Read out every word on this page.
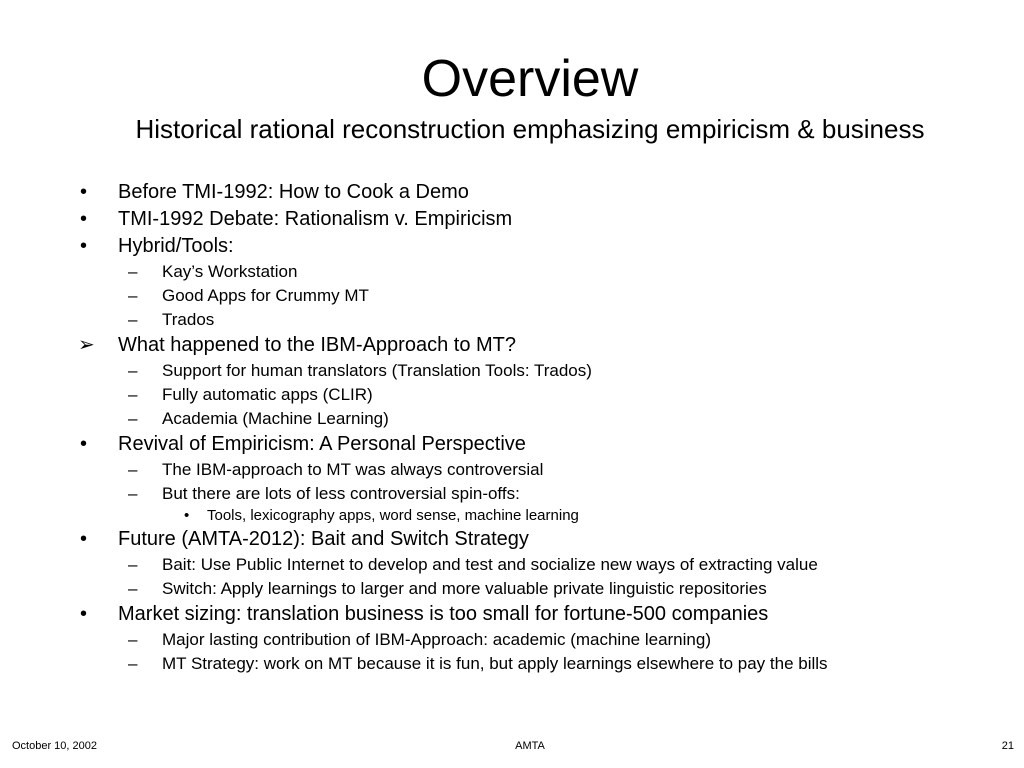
Overview
Historical rational reconstruction emphasizing empiricism & business
• Before TMI-1992: How to Cook a Demo
• TMI-1992 Debate: Rationalism v. Empiricism
• Hybrid/Tools:
– Kay’s Workstation
– Good Apps for Crummy MT
– Trados
➢ What happened to the IBM-Approach to MT?
– Support for human translators (Translation Tools: Trados)
– Fully automatic apps (CLIR)
– Academia (Machine Learning)
• Revival of Empiricism: A Personal Perspective
– The IBM-approach to MT was always controversial
– But there are lots of less controversial spin-offs:
• Tools, lexicography apps, word sense, machine learning
• Future (AMTA-2012): Bait and Switch Strategy
– Bait: Use Public Internet to develop and test and socialize new ways of extracting value
– Switch: Apply learnings to larger and more valuable private linguistic repositories
• Market sizing: translation business is too small for fortune-500 companies
– Major lasting contribution of IBM-Approach: academic (machine learning)
– MT Strategy: work on MT because it is fun, but apply learnings elsewhere to pay the bills

October 10, 2002	AMTA	21
